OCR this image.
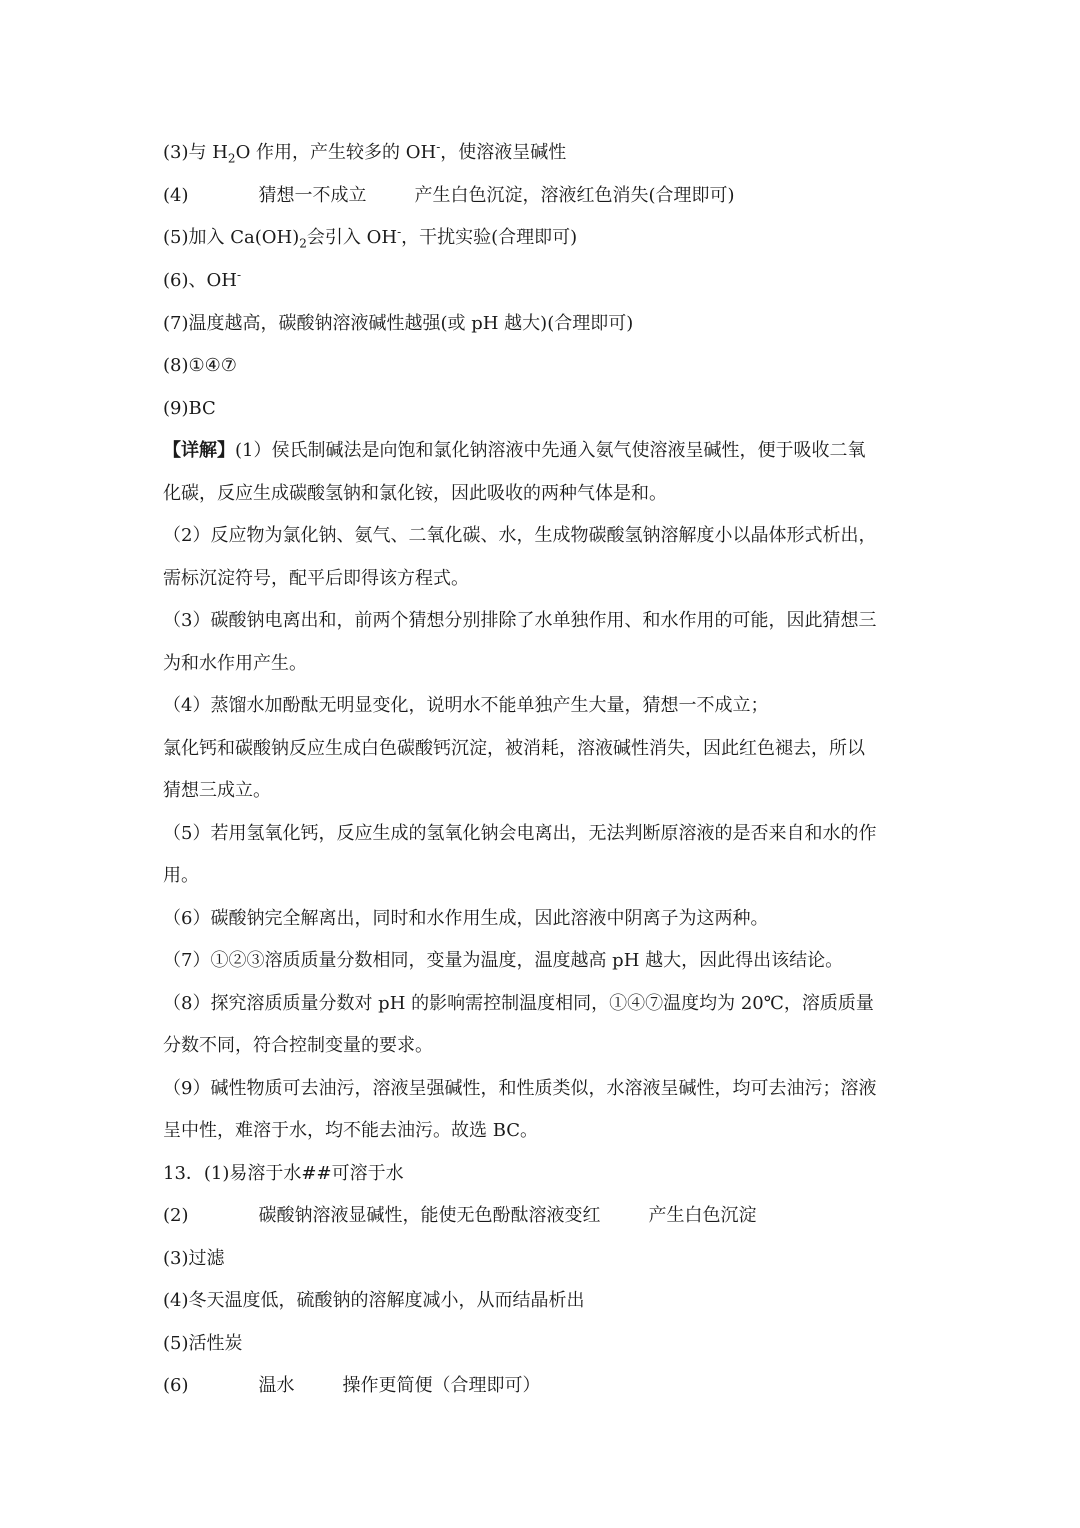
(3)与 $H_2O$ 作用，产生较多的 OH-，使溶液呈碱性
(4)	猜想一不成立	产生白色沉淀，溶液红色消失(合理即可)
(5)加入 $Ca(OH)_2$会引入 OH-，干扰实验(合理即可)
(6)、OH-
(7)温度越高，碳酸钠溶液碱性越强(或 pH 越大)(合理即可)
(8)①④⑦
(9)BC
【详解】(1）侯氏制碱法是向饱和氯化钠溶液中先通入氨气使溶液呈碱性，便于吸收二氧
化碳，反应生成碳酸氢钠和氯化铵，因此吸收的两种气体是和。
（2）反应物为氯化钠、氨气、二氧化碳、水，生成物碳酸氢钠溶解度小以晶体形式析出，
需标沉淀符号，配平后即得该方程式。
（3）碳酸钠电离出和，前两个猜想分别排除了水单独作用、和水作用的可能，因此猜想三
为和水作用产生。
（4）蒸馏水加酚酞无明显变化，说明水不能单独产生大量，猜想一不成立；
氯化钙和碳酸钠反应生成白色碳酸钙沉淀，被消耗，溶液碱性消失，因此红色褪去，所以
猜想三成立。
（5）若用氢氧化钙，反应生成的氢氧化钠会电离出，无法判断原溶液的是否来自和水的作
用。
（6）碳酸钠完全解离出，同时和水作用生成，因此溶液中阴离子为这两种。
（7）①②③溶质质量分数相同，变量为温度，温度越高 pH 越大，因此得出该结论。
（8）探究溶质质量分数对 pH 的影响需控制温度相同，①④⑦温度均为 20℃，溶质质量
分数不同，符合控制变量的要求。
（9）碱性物质可去油污，溶液呈强碱性，和性质类似，水溶液呈碱性，均可去油污；溶液
呈中性，难溶于水，均不能去油污。故选 BC。
13．(1)易溶于水##可溶于水
(2)	碳酸钠溶液显碱性，能使无色酚酞溶液变红	产生白色沉淀
(3)过滤
(4)冬天温度低，硫酸钠的溶解度减小，从而结晶析出
(5)活性炭
(6)	温水	操作更简便（合理即可）
